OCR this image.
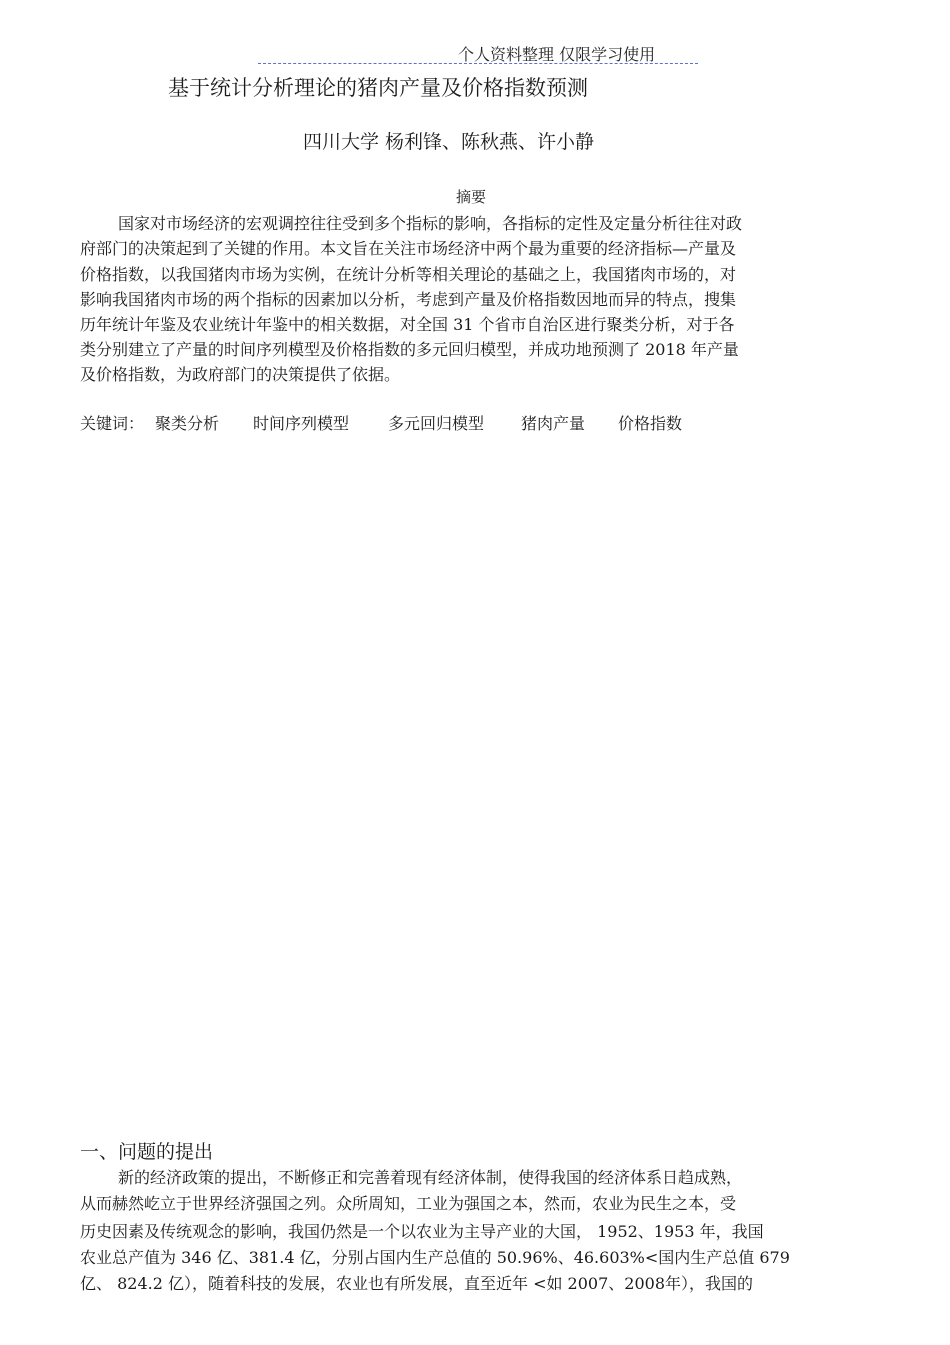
个人资料整理 仅限学习使用
基于统计分析理论的猪肉产量及价格指数预测
四川大学 杨利锋、陈秋燕、许小静
摘要
国家对市场经济的宏观调控往往受到多个指标的影响，各指标的定性及定量分析往往对政
府部门的决策起到了关键的作用。本文旨在关注市场经济中两个最为重要的经济指标—产量及
价格指数，以我国猪肉市场为实例，在统计分析等相关理论的基础之上，我国猪肉市场的，对
影响我国猪肉市场的两个指标的因素加以分析，考虑到产量及价格指数因地而异的特点，搜集
历年统计年鉴及农业统计年鉴中的相关数据，对全国 31 个省市自治区进行聚类分析，对于各
类分别建立了产量的时间序列模型及价格指数的多元回归模型，并成功地预测了 2018 年产量
及价格指数，为政府部门的决策提供了依据。
关键词： 聚类分析 时间序列模型 多元回归模型 猪肉产量 价格指数
一、问题的提出
新的经济政策的提出，不断修正和完善着现有经济体制，使得我国的经济体系日趋成熟，
从而赫然屹立于世界经济强国之列。众所周知，工业为强国之本，然而，农业为民生之本，受
历史因素及传统观念的影响，我国仍然是一个以农业为主导产业的大国， 1952、1953 年，我国
农业总产值为 346 亿、381.4 亿，分别占国内生产总值的 50.96%、46.603%<国内生产总值 679
亿、 824.2 亿），随着科技的发展，农业也有所发展，直至近年 <如 2007、2008年），我国的
